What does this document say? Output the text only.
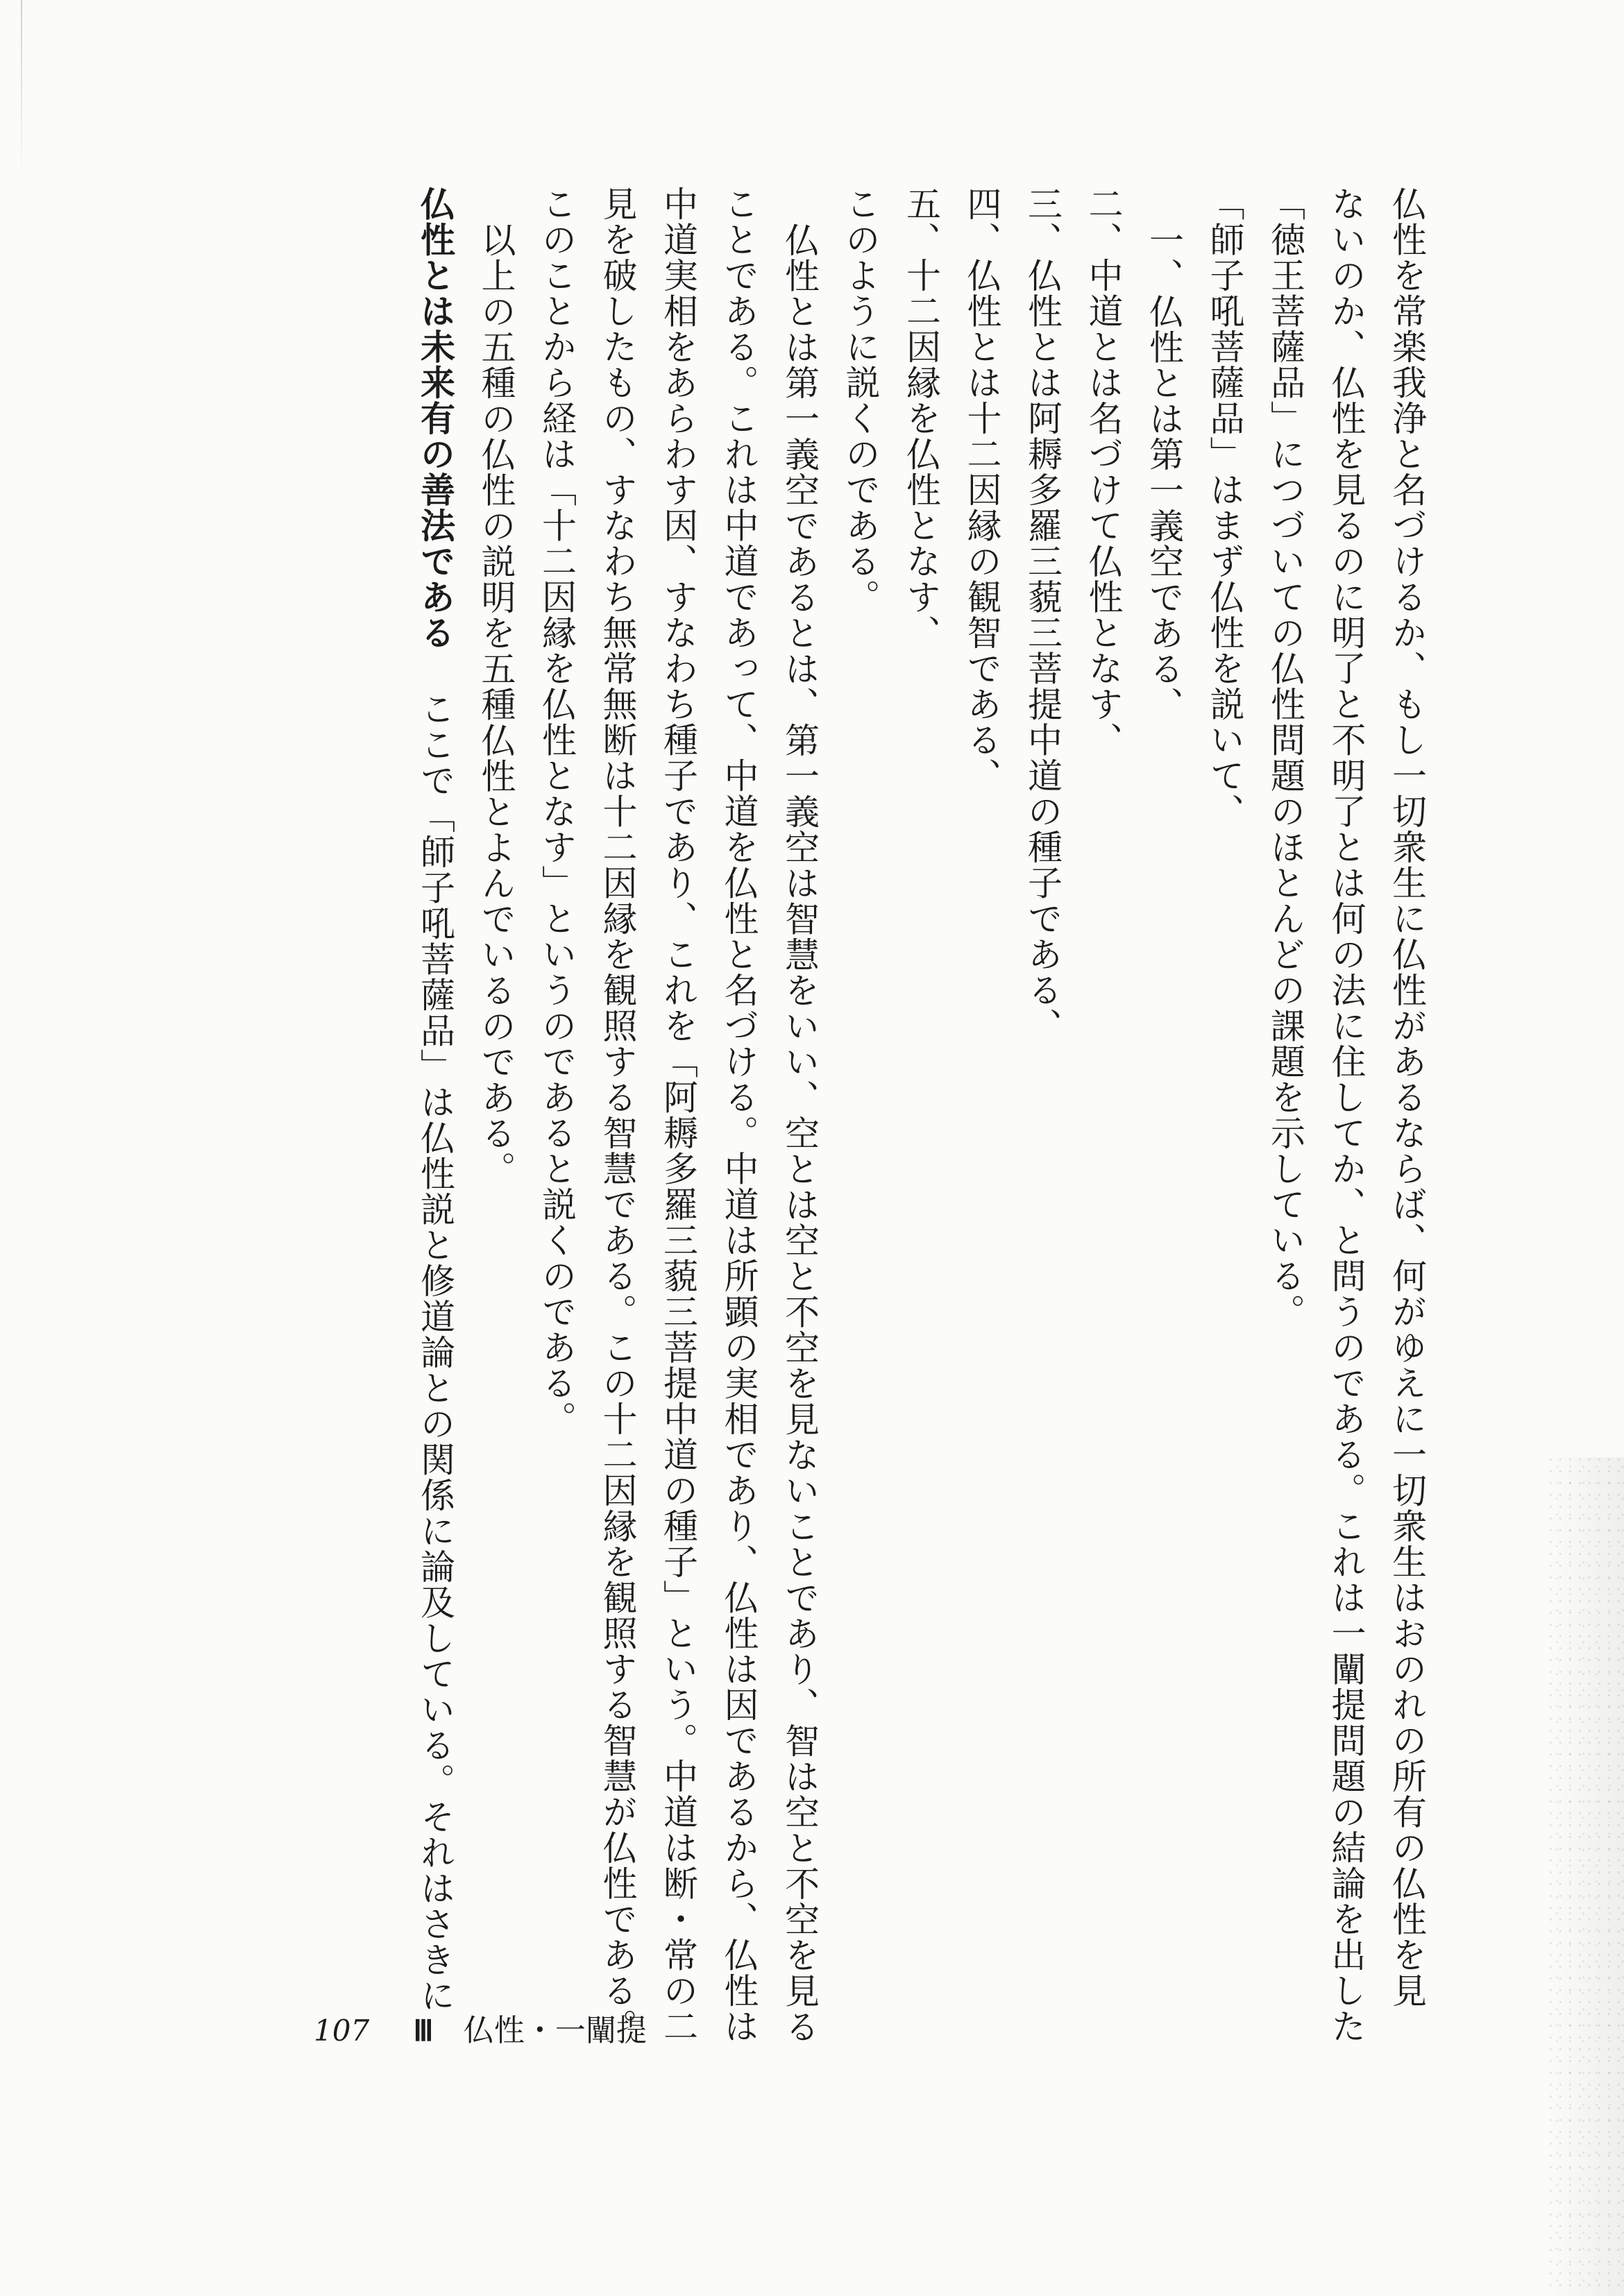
仏性を常楽我浄と名づけるか、もし一切衆生に仏性があるならば、何がゆえに一切衆生はおのれの所有の仏性を見
ないのか、仏性を見るのに明了と不明了とは何の法に住してか、と問うのである。これは一闡提問題の結論を出した
「徳王菩薩品」につづいての仏性問題のほとんどの課題を示している。
「師子吼菩薩品」はまず仏性を説いて、
一、仏性とは第一義空である、
二、中道とは名づけて仏性となす、
三、仏性とは阿耨多羅三藐三菩提中道の種子である、
四、仏性とは十二因縁の観智である、
五、十二因縁を仏性となす、
このように説くのである。
仏性とは第一義空であるとは、第一義空は智慧をいい、空とは空と不空を見ないことであり、智は空と不空を見る
ことである。これは中道であって、中道を仏性と名づける。中道は所顕の実相であり、仏性は因であるから、仏性は
中道実相をあらわす因、すなわち種子であり、これを「阿耨多羅三藐三菩提中道の種子」という。中道は断・常の二
見を破したもの、すなわち無常無断は十二因縁を観照する智慧である。この十二因縁を観照する智慧が仏性である。
このことから経は「十二因縁を仏性となす」というのであると説くのである。
以上の五種の仏性の説明を五種仏性とよんでいるのである。
仏性とは未来有の善法であるここで「師子吼菩薩品」は仏性説と修道論との関係に論及している。それはさきに
107 Ⅲ 仏性・一闡提
